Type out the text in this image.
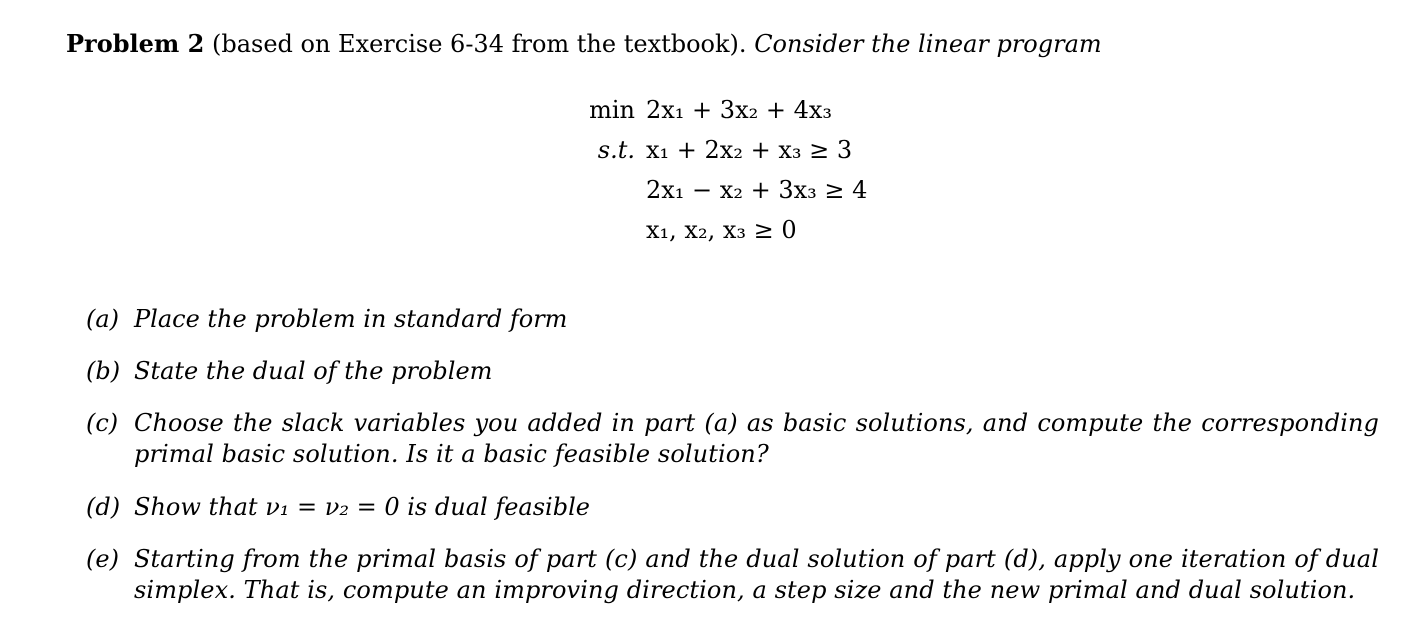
Problem 2 (based on Exercise 6-34 from the textbook). Consider the linear program
min 2x₁ + 3x₂ + 4x₃
s.t. x₁ + 2x₂ + x₃ ≥ 3
2x₁ − x₂ + 3x₃ ≥ 4
x₁, x₂, x₃ ≥ 0
(a) Place the problem in standard form
(b) State the dual of the problem
(c) Choose the slack variables you added in part (a) as basic solutions, and compute the corresponding primal basic solution. Is it a basic feasible solution?
(d) Show that ν₁ = ν₂ = 0 is dual feasible
(e) Starting from the primal basis of part (c) and the dual solution of part (d), apply one iteration of dual simplex. That is, compute an improving direction, a step size and the new primal and dual solution.
